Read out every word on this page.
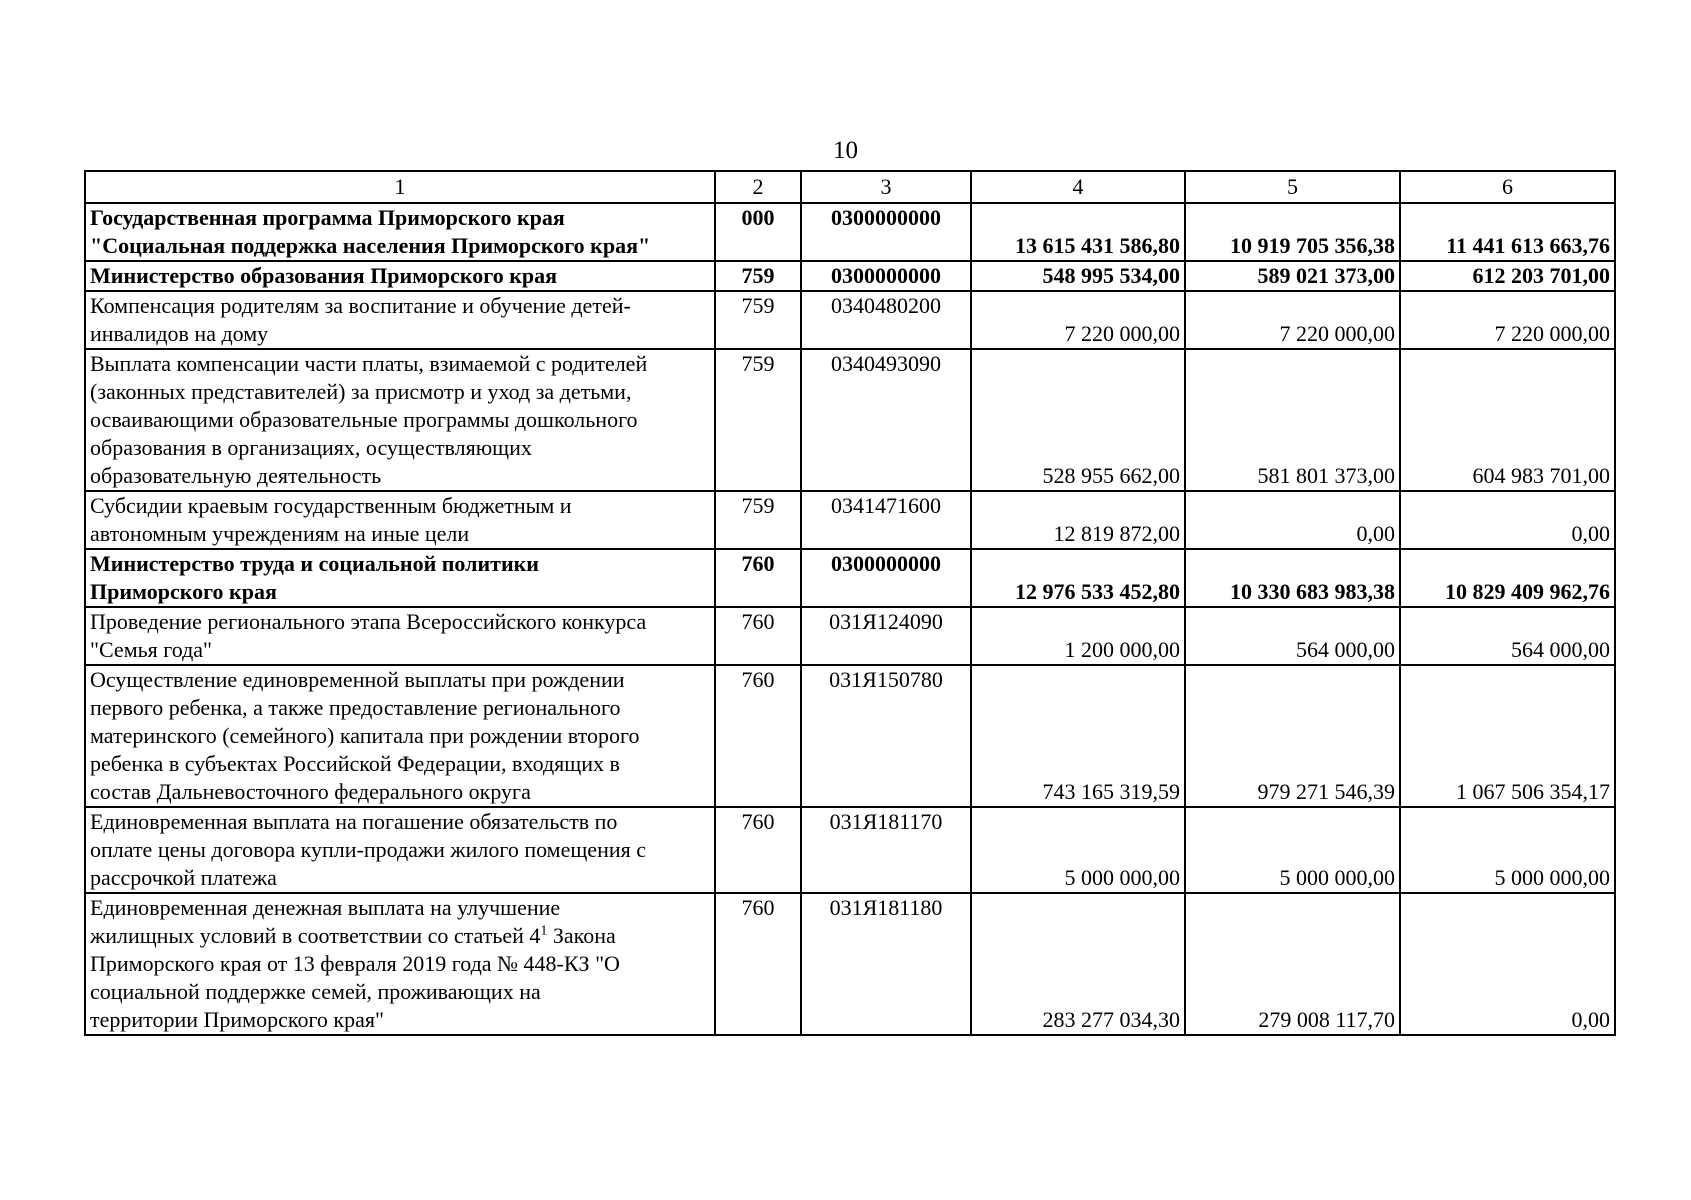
10
1	2	3	4	5	6
Государственная программа Приморского края
"Социальная поддержка населения Приморского края"	000	0300000000	13 615 431 586,80	10 919 705 356,38	11 441 613 663,76
Министерство образования Приморского края	759	0300000000	548 995 534,00	589 021 373,00	612 203 701,00
Компенсация родителям за воспитание и обучение детей-
инвалидов на дому	759	0340480200	7 220 000,00	7 220 000,00	7 220 000,00
Выплата компенсации части платы, взимаемой с родителей
(законных представителей) за присмотр и уход за детьми,
осваивающими образовательные программы дошкольного
образования в организациях, осуществляющих
образовательную деятельность	759	0340493090	528 955 662,00	581 801 373,00	604 983 701,00
Субсидии краевым государственным бюджетным и
автономным учреждениям на иные цели	759	0341471600	12 819 872,00	0,00	0,00
Министерство труда и социальной политики
Приморского края	760	0300000000	12 976 533 452,80	10 330 683 983,38	10 829 409 962,76
Проведение регионального этапа Всероссийского конкурса
"Семья года"	760	031Я124090	1 200 000,00	564 000,00	564 000,00
Осуществление единовременной выплаты при рождении
первого ребенка, а также предоставление регионального
материнского (семейного) капитала при рождении второго
ребенка в субъектах Российской Федерации, входящих в
состав Дальневосточного федерального округа	760	031Я150780	743 165 319,59	979 271 546,39	1 067 506 354,17
Единовременная выплата на погашение обязательств по
оплате цены договора купли-продажи жилого помещения с
рассрочкой платежа	760	031Я181170	5 000 000,00	5 000 000,00	5 000 000,00
Единовременная денежная выплата на улучшение
жилищных условий в соответствии со статьей $4^1$ Закона
Приморского края от 13 февраля 2019 года № 448-КЗ "О
социальной поддержке семей, проживающих на
территории Приморского края"	760	031Я181180	283 277 034,30	279 008 117,70	0,00
